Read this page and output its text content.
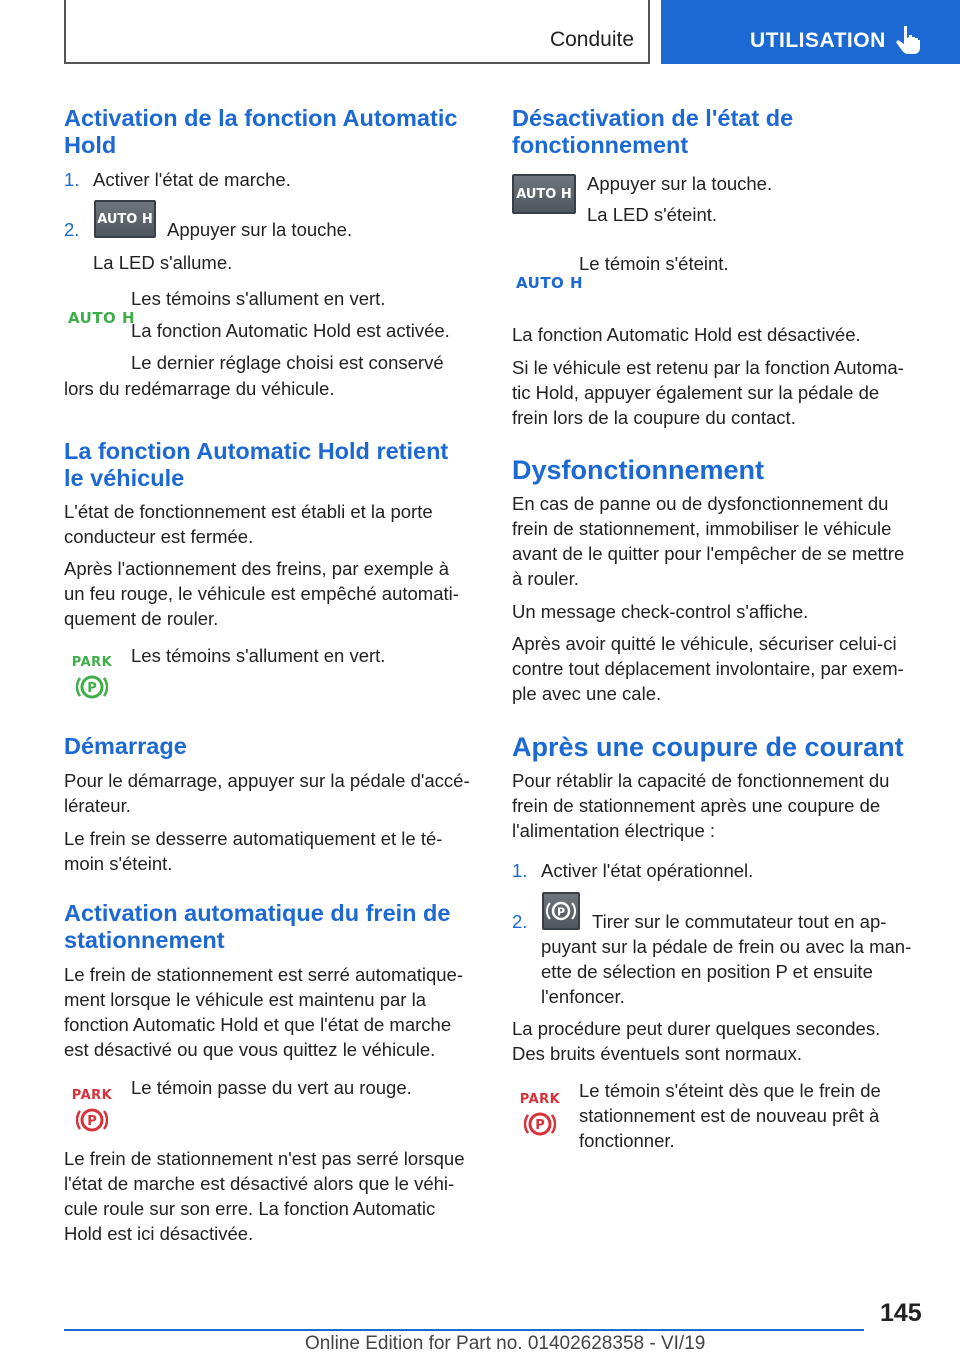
Conduite	UTILISATION
Activation de la fonction Automatic
Hold
1. Activer l'état de marche.
2. AUTO H Appuyer sur la touche.
La LED s'allume.
AUTO H
Les témoins s'allument en vert.
La fonction Automatic Hold est activée.
Le dernier réglage choisi est conservé
lors du redémarrage du véhicule.
La fonction Automatic Hold retient
le véhicule
L'état de fonctionnement est établi et la porte
conducteur est fermée.
Après l'actionnement des freins, par exemple à
un feu rouge, le véhicule est empêché automati‐
quement de rouler.
PARK
P
Les témoins s'allument en vert.
Démarrage
Pour le démarrage, appuyer sur la pédale d'accé‐
lérateur.
Le frein se desserre automatiquement et le té‐
moin s'éteint.
Activation automatique du frein de
stationnement
Le frein de stationnement est serré automatique‐
ment lorsque le véhicule est maintenu par la
fonction Automatic Hold et que l'état de marche
est désactivé ou que vous quittez le véhicule.
PARK
P
Le témoin passe du vert au rouge.
Le frein de stationnement n'est pas serré lorsque
l'état de marche est désactivé alors que le véhi‐
cule roule sur son erre. La fonction Automatic
Hold est ici désactivée.
Désactivation de l'état de
fonctionnement
AUTO H Appuyer sur la touche.
La LED s'éteint.
AUTO H
Le témoin s'éteint.
La fonction Automatic Hold est désactivée.
Si le véhicule est retenu par la fonction Automa‐
tic Hold, appuyer également sur la pédale de
frein lors de la coupure du contact.
Dysfonctionnement
En cas de panne ou de dysfonctionnement du
frein de stationnement, immobiliser le véhicule
avant de le quitter pour l'empêcher de se mettre
à rouler.
Un message check-control s'affiche.
Après avoir quitté le véhicule, sécuriser celui-ci
contre tout déplacement involontaire, par exem‐
ple avec une cale.
Après une coupure de courant
Pour rétablir la capacité de fonctionnement du
frein de stationnement après une coupure de
l'alimentation électrique :
1. Activer l'état opérationnel.
2.	P Tirer sur le commutateur tout en ap‐
puyant sur la pédale de frein ou avec la man‐
ette de sélection en position P et ensuite
l'enfoncer.
La procédure peut durer quelques secondes.
Des bruits éventuels sont normaux.
PARK
P
Le témoin s'éteint dès que le frein de
stationnement est de nouveau prêt à
fonctionner.
145
Online Edition for Part no. 01402628358 - VI/19
